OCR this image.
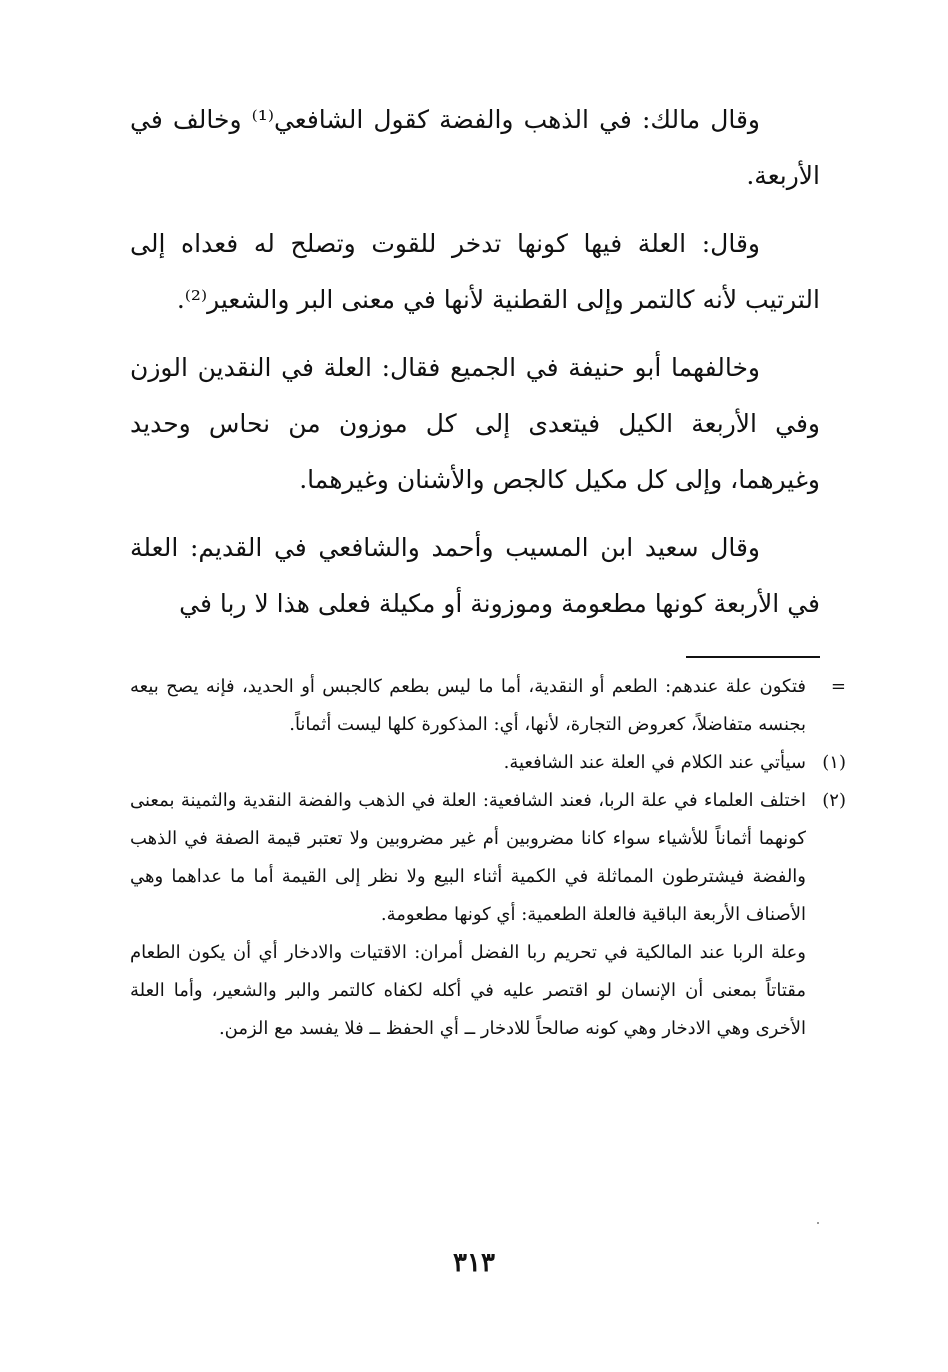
وقال مالك: في الذهب والفضة كقول الشافعي⁽¹⁾ وخالف في الأربعة.

وقال: العلة فيها كونها تدخر للقوت وتصلح له فعداه إلى الترتيب لأنه كالتمر وإلى القطنية لأنها في معنى البر والشعير⁽²⁾.

وخالفهما أبو حنيفة في الجميع فقال: العلة في النقدين الوزن وفي الأربعة الكيل فيتعدى إلى كل موزون من نحاس وحديد وغيرهما، وإلى كل مكيل كالجص والأشنان وغيرهما.

وقال سعيد ابن المسيب وأحمد والشافعي في القديم: العلة في الأربعة كونها مطعومة وموزونة أو مكيلة فعلى هذا لا ربا في

=
فتكون علة عندهم: الطعم أو النقدية، أما ما ليس بطعم كالجبس أو الحديد، فإنه يصح بيعه بجنسه متفاضلاً، كعروض التجارة، لأنها، أي: المذكورة كلها ليست أثماناً.
(١)
سيأتي عند الكلام في العلة عند الشافعية.
(٢)
اختلف العلماء في علة الربا، فعند الشافعية: العلة في الذهب والفضة النقدية والثمينة بمعنى كونهما أثماناً للأشياء سواء كانا مضروبين أم غير مضروبين ولا تعتبر قيمة الصفة في الذهب والفضة فيشترطون المماثلة في الكمية أثناء البيع ولا نظر إلى القيمة أما ما عداهما وهي الأصناف الأربعة الباقية فالعلة الطعمية: أي كونها مطعومة.
وعلة الربا عند المالكية في تحريم ربا الفضل أمران: الاقتيات والادخار أي أن يكون الطعام مقتاتاً بمعنى أن الإنسان لو اقتصر عليه في أكله لكفاه كالتمر والبر والشعير، وأما العلة الأخرى وهي الادخار وهي كونه صالحاً للادخار ــ أي الحفظ ــ فلا يفسد مع الزمن.
٣١٣
